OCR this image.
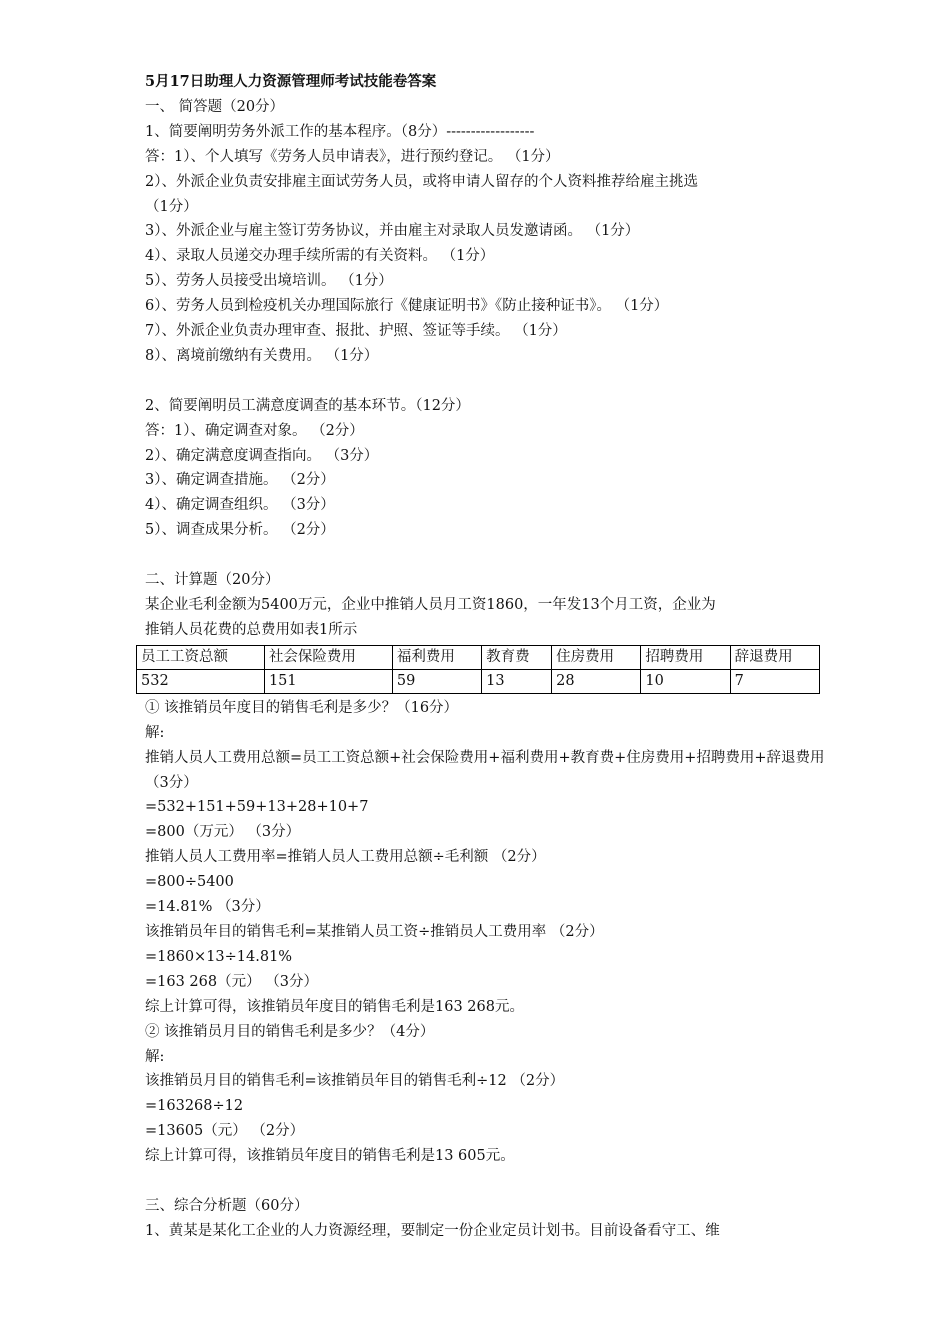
5月17日助理人力资源管理师考试技能卷答案
一、 简答题（20分）
1、简要阐明劳务外派工作的基本程序。（8分）------------------
答：1）、个人填写《劳务人员申请表》，进行预约登记。 （1分）
2）、外派企业负责安排雇主面试劳务人员，或将申请人留存的个人资料推荐给雇主挑选
（1分）
3）、外派企业与雇主签订劳务协议，并由雇主对录取人员发邀请函。 （1分）
4）、录取人员递交办理手续所需的有关资料。 （1分）
5）、劳务人员接受出境培训。 （1分）
6）、劳务人员到检疫机关办理国际旅行《健康证明书》《防止接种证书》。 （1分）
7）、外派企业负责办理审查、报批、护照、签证等手续。 （1分）
8）、离境前缴纳有关费用。 （1分）
2、简要阐明员工满意度调查的基本环节。（12分）
答：1）、确定调查对象。 （2分）
2）、确定满意度调查指向。 （3分）
3）、确定调查措施。 （2分）
4）、确定调查组织。 （3分）
5）、调查成果分析。 （2分）
二、计算题（20分）
某企业毛利金额为5400万元，企业中推销人员月工资1860，一年发13个月工资，企业为
推销人员花费的总费用如表1所示
员工工资总额	社会保险费用	福利费用	教育费	住房费用	招聘费用	辞退费用
532	151	59	13	28	10	7
① 该推销员年度目的销售毛利是多少？（16分）
解:
推销人员人工费用总额=员工工资总额+社会保险费用+福利费用+教育费+住房费用+招聘费用+辞退费用
（3分）
=532+151+59+13+28+10+7
=800（万元） （3分）
推销人员人工费用率=推销人员人工费用总额÷毛利额 （2分）
=800÷5400
=14.81% （3分）
该推销员年目的销售毛利=某推销人员工资÷推销员人工费用率 （2分）
=1860×13÷14.81%
=163 268（元） （3分）
综上计算可得，该推销员年度目的销售毛利是163 268元。
② 该推销员月目的销售毛利是多少？（4分）
解:
该推销员月目的销售毛利=该推销员年目的销售毛利÷12 （2分）
=163268÷12
=13605（元） （2分）
综上计算可得，该推销员年度目的销售毛利是13 605元。
三、综合分析题（60分）
1、黄某是某化工企业的人力资源经理，要制定一份企业定员计划书。目前设备看守工、维
